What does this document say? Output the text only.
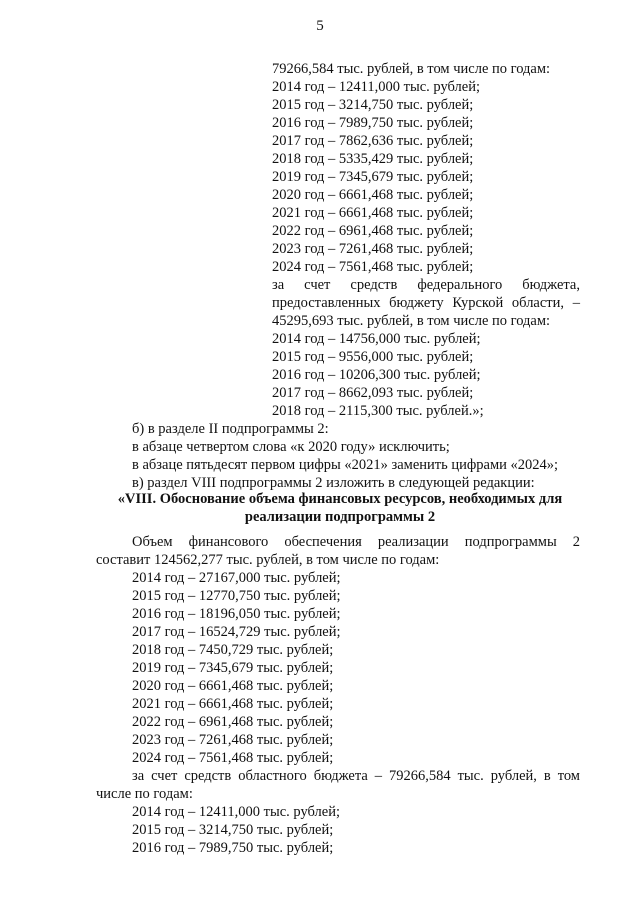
5
79266,584 тыс. рублей, в том числе по годам:
2014 год – 12411,000 тыс. рублей;
2015 год – 3214,750 тыс. рублей;
2016 год – 7989,750 тыс. рублей;
2017 год – 7862,636 тыс. рублей;
2018 год – 5335,429 тыс. рублей;
2019 год – 7345,679 тыс. рублей;
2020 год – 6661,468 тыс. рублей;
2021 год – 6661,468 тыс. рублей;
2022 год – 6961,468 тыс. рублей;
2023 год – 7261,468 тыс. рублей;
2024 год – 7561,468 тыс. рублей;
за счет средств федерального бюджета,
предоставленных бюджету Курской области, –
45295,693 тыс. рублей, в том числе по годам:
2014 год – 14756,000 тыс. рублей;
2015 год – 9556,000 тыс. рублей;
2016 год – 10206,300 тыс. рублей;
2017 год – 8662,093 тыс. рублей;
2018 год – 2115,300 тыс. рублей.»;
б) в разделе II подпрограммы 2:
в абзаце четвертом слова «к 2020 году» исключить;
в абзаце пятьдесят первом цифры «2021» заменить цифрами «2024»;
в) раздел VIII подпрограммы 2 изложить в следующей редакции:
«VIII. Обоснование объема финансовых ресурсов, необходимых для
реализации подпрограммы 2
Объем финансового обеспечения реализации подпрограммы 2
составит 124562,277 тыс. рублей, в том числе по годам:
2014 год – 27167,000 тыс. рублей;
2015 год – 12770,750 тыс. рублей;
2016 год – 18196,050 тыс. рублей;
2017 год – 16524,729 тыс. рублей;
2018 год – 7450,729 тыс. рублей;
2019 год – 7345,679 тыс. рублей;
2020 год – 6661,468 тыс. рублей;
2021 год – 6661,468 тыс. рублей;
2022 год – 6961,468 тыс. рублей;
2023 год – 7261,468 тыс. рублей;
2024 год – 7561,468 тыс. рублей;
за счет средств областного бюджета – 79266,584 тыс. рублей, в том
числе по годам:
2014 год – 12411,000 тыс. рублей;
2015 год – 3214,750 тыс. рублей;
2016 год – 7989,750 тыс. рублей;
